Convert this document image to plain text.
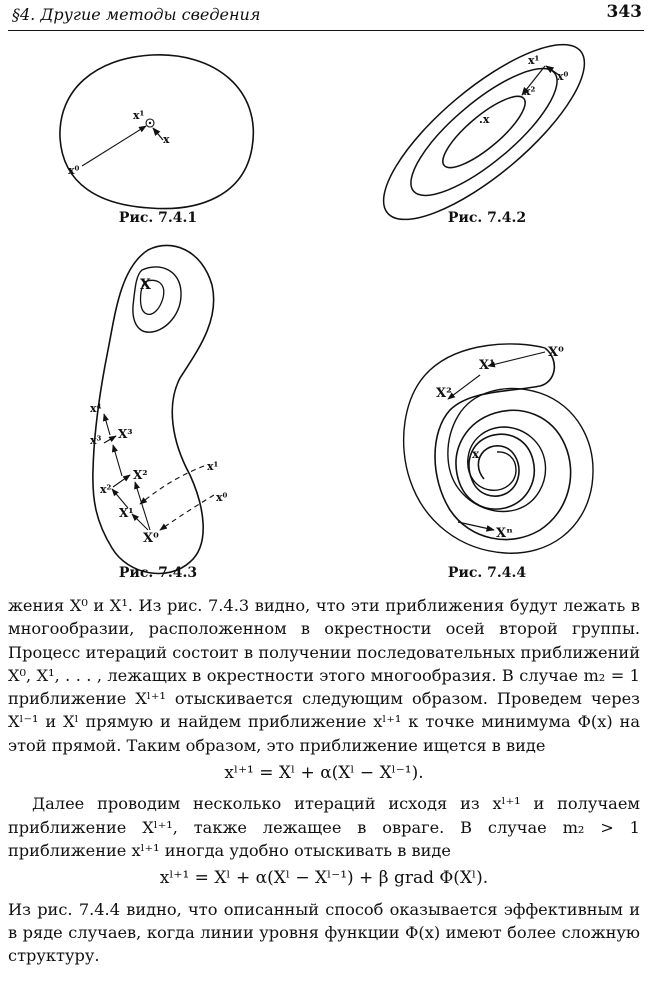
§4. Другие методы сведения	343
x⁰
x¹
x
Рис. 7.4.1
x¹
x⁰
x²
.x
Рис. 7.4.2
X
x⁴
x³ X³
X²
x²
x¹
X¹
x⁰
X⁰
Рис. 7.4.3
X⁰
X¹
X²
x
Xⁿ
Рис. 7.4.4

жения X⁰ и X¹. Из рис. 7.4.3 видно, что эти приближения будут лежать в многообразии, расположенном в окрестности осей второй группы. Процесс итераций состоит в получении последовательных приближений X⁰, X¹, . . . , лежащих в окрестности этого многообразия. В случае m₂ = 1 приближение Xˡ⁺¹ отыскивается следующим образом. Проведем через Xˡ⁻¹ и Xˡ прямую и найдем приближение xˡ⁺¹ к точке минимума Φ(x) на этой прямой. Таким образом, это приближение ищется в виде

xˡ⁺¹ = Xˡ + α(Xˡ − Xˡ⁻¹).

Далее проводим несколько итераций исходя из xˡ⁺¹ и получаем приближение Xˡ⁺¹, также лежащее в овраге. В случае m₂ > 1 приближение xˡ⁺¹ иногда удобно отыскивать в виде

xˡ⁺¹ = Xˡ + α(Xˡ − Xˡ⁻¹) + β grad Φ(Xˡ).

Из рис. 7.4.4 видно, что описанный способ оказывается эффективным и в ряде случаев, когда линии уровня функции Φ(x) имеют более сложную структуру.
